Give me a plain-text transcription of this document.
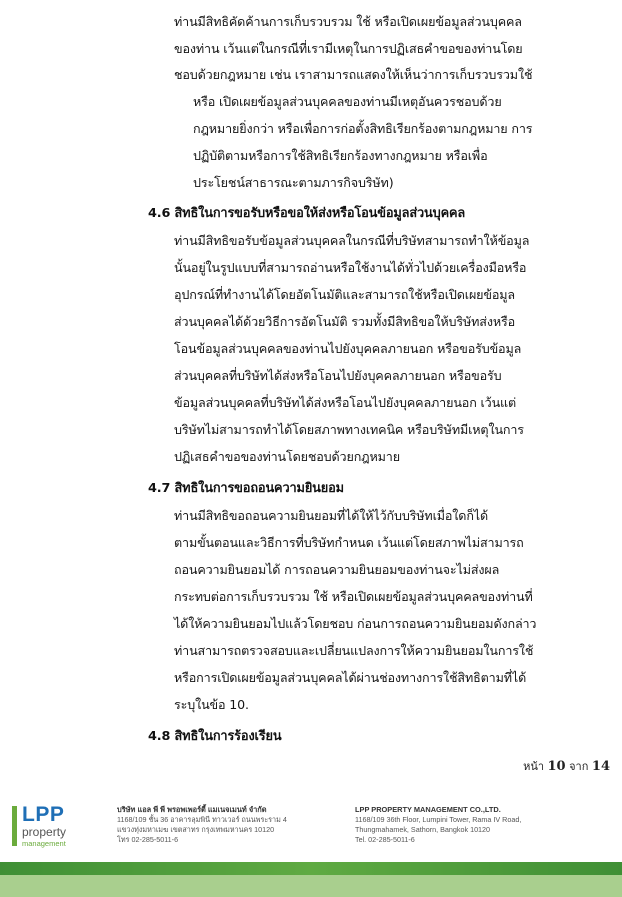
ท่านมีสิทธิคัดค้านการเก็บรวบรวม ใช้ หรือเปิดเผยข้อมูลส่วนบุคคล
ของท่าน เว้นแต่ในกรณีที่เรามีเหตุในการปฏิเสธคำขอของท่านโดย
ชอบด้วยกฎหมาย เช่น เราสามารถแสดงให้เห็นว่าการเก็บรวบรวมใช้
หรือ เปิดเผยข้อมูลส่วนบุคคลของท่านมีเหตุอันควรชอบด้วย
กฎหมายยิ่งกว่า หรือเพื่อการก่อตั้งสิทธิเรียกร้องตามกฎหมาย การ
ปฏิบัติตามหรือการใช้สิทธิเรียกร้องทางกฎหมาย หรือเพื่อ
ประโยชน์สาธารณะตามภารกิจบริษัท)
4.6 สิทธิในการขอรับหรือขอให้ส่งหรือโอนข้อมูลส่วนบุคคล
ท่านมีสิทธิขอรับข้อมูลส่วนบุคคลในกรณีที่บริษัทสามารถทำให้ข้อมูล
นั้นอยู่ในรูปแบบที่สามารถอ่านหรือใช้งานได้ทั่วไปด้วยเครื่องมือหรือ
อุปกรณ์ที่ทำงานได้โดยอัตโนมัติและสามารถใช้หรือเปิดเผยข้อมูล
ส่วนบุคคลได้ด้วยวิธีการอัตโนมัติ รวมทั้งมีสิทธิขอให้บริษัทส่งหรือ
โอนข้อมูลส่วนบุคคลของท่านไปยังบุคคลภายนอก หรือขอรับข้อมูล
ส่วนบุคคลที่บริษัทได้ส่งหรือโอนไปยังบุคคลภายนอก หรือขอรับ
ข้อมูลส่วนบุคคลที่บริษัทได้ส่งหรือโอนไปยังบุคคลภายนอก เว้นแต่
บริษัทไม่สามารถทำได้โดยสภาพทางเทคนิค หรือบริษัทมีเหตุในการ
ปฏิเสธคำขอของท่านโดยชอบด้วยกฎหมาย
4.7 สิทธิในการขอถอนความยินยอม
ท่านมีสิทธิขอถอนความยินยอมที่ได้ให้ไว้กับบริษัทเมื่อใดก็ได้
ตามขั้นตอนและวิธีการที่บริษัทกำหนด เว้นแต่โดยสภาพไม่สามารถ
ถอนความยินยอมได้ การถอนความยินยอมของท่านจะไม่ส่งผล
กระทบต่อการเก็บรวบรวม ใช้ หรือเปิดเผยข้อมูลส่วนบุคคลของท่านที่
ได้ให้ความยินยอมไปแล้วโดยชอบ ก่อนการถอนความยินยอมดังกล่าว
ท่านสามารถตรวจสอบและเปลี่ยนแปลงการให้ความยินยอมในการใช้
หรือการเปิดเผยข้อมูลส่วนบุคคลได้ผ่านช่องทางการใช้สิทธิตามที่ได้
ระบุในข้อ 10.
4.8 สิทธิในการร้องเรียน
หน้า 10 จาก 14
LPP
property
management
บริษัท แอล พี พี พรอพเพอร์ตี้ แมเนจเมนท์ จำกัด
1168/109 ชั้น 36 อาคารลุมพินี ทาวเวอร์ ถนนพระราม 4
แขวงทุ่งมหาเมฆ เขตสาทร กรุงเทพมหานคร 10120
โทร 02-285-5011-6
LPP PROPERTY MANAGEMENT CO.,LTD.
1168/109 36th Floor, Lumpini Tower, Rama IV Road,
Thungmahamek, Sathorn, Bangkok 10120
Tel. 02-285-5011-6
